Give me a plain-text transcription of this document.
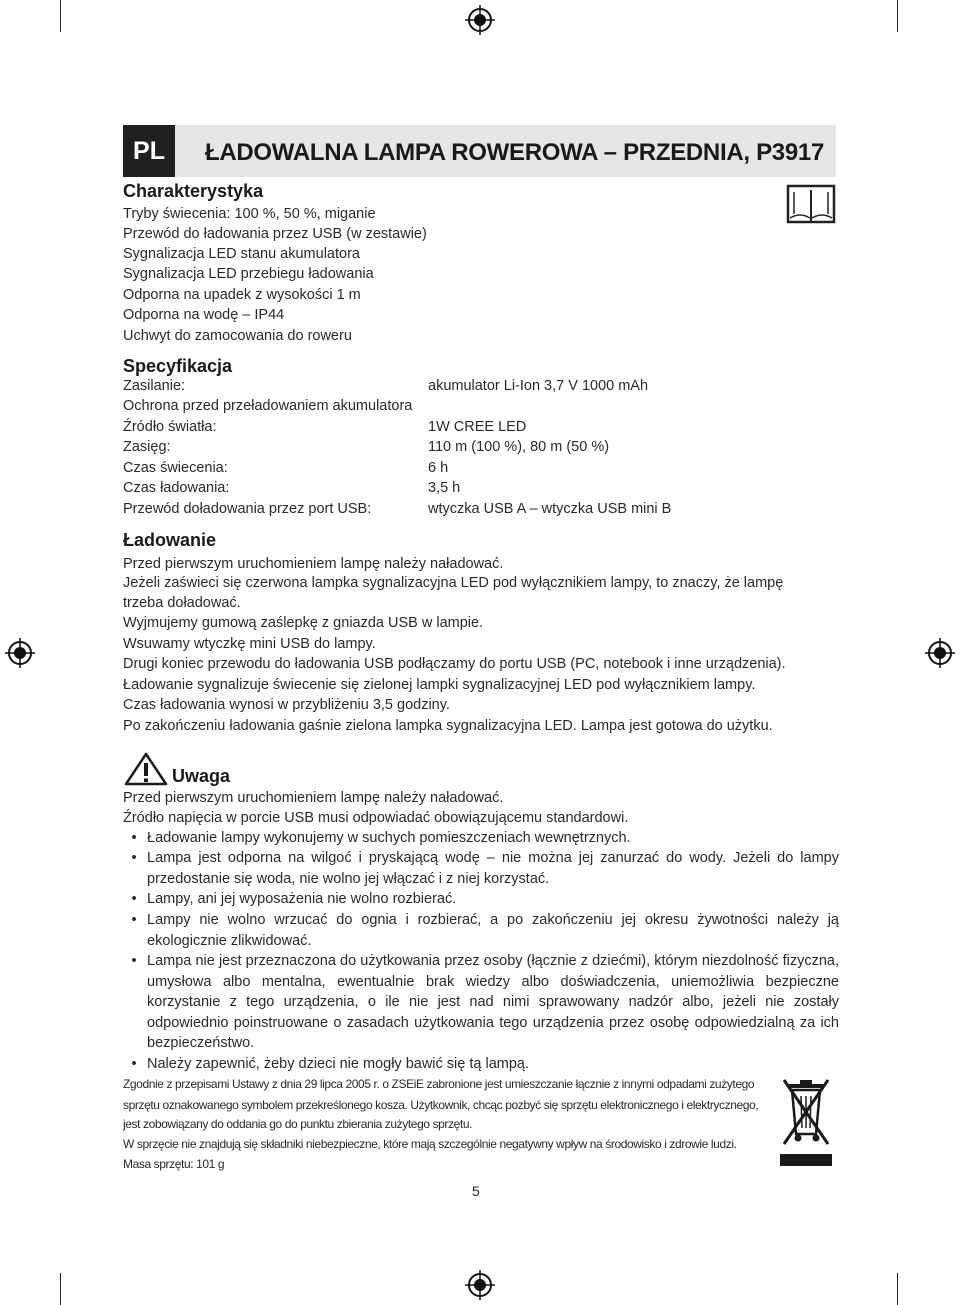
PL	ŁADOWALNA LAMPA ROWEROWA – PRZEDNIA, P3917
Charakterystyka
Tryby świecenia: 100 %, 50 %, miganie
Przewód do ładowania przez USB (w zestawie)
Sygnalizacja LED stanu akumulatora
Sygnalizacja LED przebiegu ładowania
Odporna na upadek z wysokości 1 m
Odporna na wodę – IP44
Uchwyt do zamocowania do roweru
Specyfikacja
Zasilanie:	akumulator Li-Ion 3,7 V 1000 mAh
Ochrona przed przeładowaniem akumulatora
Źródło światła:	1W CREE LED
Zasięg:	110 m (100 %), 80 m (50 %)
Czas świecenia:	6 h
Czas ładowania:	3,5 h
Przewód doładowania przez port USB:	wtyczka USB A – wtyczka USB mini B
Ładowanie
Przed pierwszym uruchomieniem lampę należy naładować.
Jeżeli zaświeci się czerwona lampka sygnalizacyjna LED pod wyłącznikiem lampy, to znaczy, że lampę
trzeba doładować.
Wyjmujemy gumową zaślepkę z gniazda USB w lampie.
Wsuwamy wtyczkę mini USB do lampy.
Drugi koniec przewodu do ładowania USB podłączamy do portu USB (PC, notebook i inne urządzenia).
Ładowanie sygnalizuje świecenie się zielonej lampki sygnalizacyjnej LED pod wyłącznikiem lampy.
Czas ładowania wynosi w przybliżeniu 3,5 godziny.
Po zakończeniu ładowania gaśnie zielona lampka sygnalizacyjna LED. Lampa jest gotowa do użytku.
Uwaga
Przed pierwszym uruchomieniem lampę należy naładować.
Źródło napięcia w porcie USB musi odpowiadać obowiązującemu standardowi.
• Ładowanie lampy wykonujemy w suchych pomieszczeniach wewnętrznych.
• Lampa jest odporna na wilgoć i pryskającą wodę – nie można jej zanurzać do wody. Jeżeli do lampy przedostanie się woda, nie wolno jej włączać i z niej korzystać.
• Lampy, ani jej wyposażenia nie wolno rozbierać.
• Lampy nie wolno wrzucać do ognia i rozbierać, a po zakończeniu jej okresu żywotności należy ją ekologicznie zlikwidować.
• Lampa nie jest przeznaczona do użytkowania przez osoby (łącznie z dziećmi), którym niezdolność fizyczna, umysłowa albo mentalna, ewentualnie brak wiedzy albo doświadczenia, uniemożliwia bezpieczne korzystanie z tego urządzenia, o ile nie jest nad nimi sprawowany nadzór albo, jeżeli nie zostały odpowiednio poinstruowane o zasadach użytkowania tego urządzenia przez osobę odpowiedzialną za ich bezpieczeństwo.
• Należy zapewnić, żeby dzieci nie mogły bawić się tą lampą.
Zgodnie z przepisami Ustawy z dnia 29 lipca 2005 r. o ZSEiE zabronione jest umieszczanie łącznie z innymi odpadami zużytego
sprzętu oznakowanego symbolem przekreślonego kosza. Użytkownik, chcąc pozbyć się sprzętu elektronicznego i elektrycznego,
jest zobowiązany do oddania go do punktu zbierania zużytego sprzętu.
W sprzęcie nie znajdują się składniki niebezpieczne, które mają szczególnie negatywny wpływ na środowisko i zdrowie ludzi.
Masa sprzętu: 101 g
5
